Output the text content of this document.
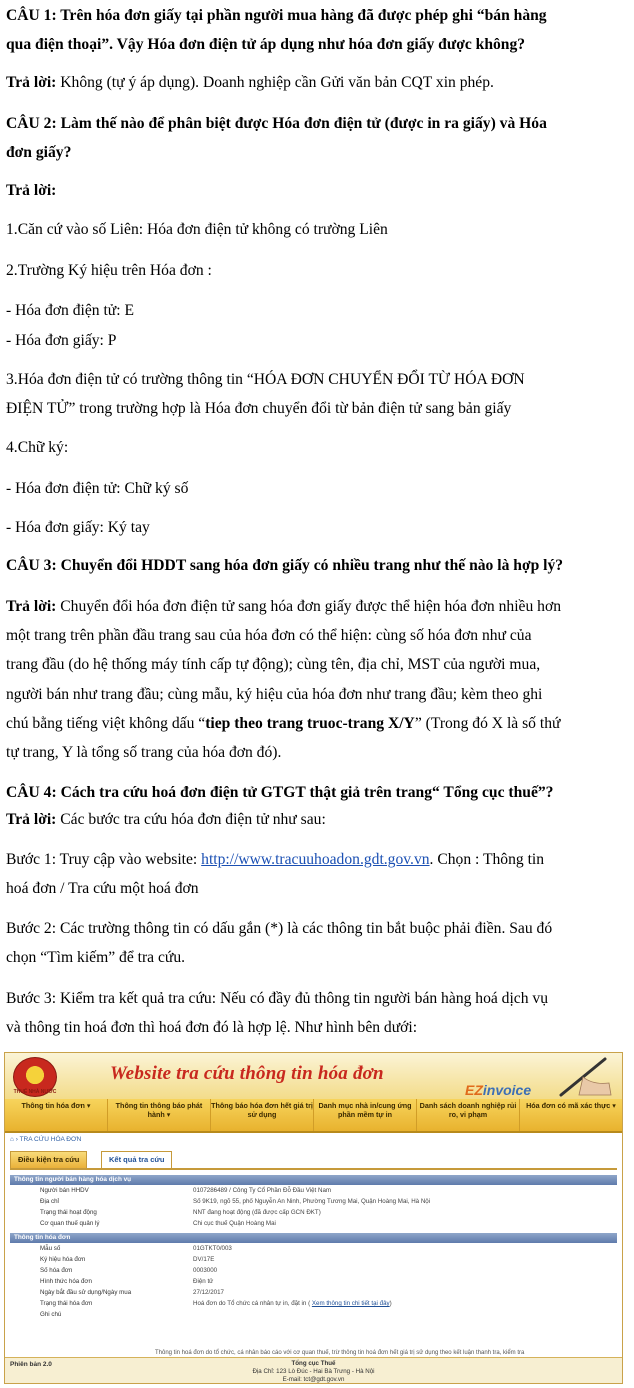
CÂU 1: Trên hóa đơn giấy tại phần người mua hàng đã được phép ghi “bán hàng
qua điện thoại”. Vậy Hóa đơn điện tử áp dụng như hóa đơn giấy được không?
Trả lời: Không (tự ý áp dụng). Doanh nghiệp cần Gửi văn bản CQT xin phép.
CÂU 2: Làm thế nào để phân biệt được Hóa đơn điện tử (được in ra giấy) và Hóa
đơn giấy?
Trả lời:
1.Căn cứ vào số Liên: Hóa đơn điện tử không có trường Liên
2.Trường Ký hiệu trên Hóa đơn :
- Hóa đơn điện tử: E
- Hóa đơn giấy: P
3.Hóa đơn điện tử có trường thông tin “HÓA ĐƠN CHUYỂN ĐỔI TỪ HÓA ĐƠN
ĐIỆN TỬ” trong trường hợp là Hóa đơn chuyển đổi từ bản điện tử sang bản giấy
4.Chữ ký:
- Hóa đơn điện tử: Chữ ký số
- Hóa đơn giấy: Ký tay
CÂU 3: Chuyển đổi HDDT sang hóa đơn giấy có nhiều trang như thế nào là hợp lý?
Trả lời: Chuyển đổi hóa đơn điện tử sang hóa đơn giấy được thể hiện hóa đơn nhiều hơn
một trang trên phần đầu trang sau của hóa đơn có thể hiện: cùng số hóa đơn như của
trang đầu (do hệ thống máy tính cấp tự động); cùng tên, địa chỉ, MST của người mua,
người bán như trang đầu; cùng mẫu, ký hiệu của hóa đơn như trang đầu; kèm theo ghi
chú bằng tiếng việt không dấu “tiep theo trang truoc-trang X/Y” (Trong đó X là số thứ
tự trang, Y là tổng số trang của hóa đơn đó).
CÂU 4: Cách tra cứu hoá đơn điện tử GTGT thật giả trên trang“ Tổng cục thuế”?
Trả lời: Các bước tra cứu hóa đơn điện tử như sau:
Bước 1: Truy cập vào website: http://www.tracuuhoadon.gdt.gov.vn. Chọn : Thông tin
hoá đơn / Tra cứu một hoá đơn
Bước 2: Các trường thông tin có dấu gắn (*) là các thông tin bắt buộc phải điền. Sau đó
chọn “Tìm kiếm” để tra cứu.
Bước 3: Kiểm tra kết quả tra cứu: Nếu có đầy đủ thông tin người bán hàng hoá dịch vụ
và thông tin hoá đơn thì hoá đơn đó là hợp lệ. Như hình bên dưới:
THUẾ NHÀ NƯỚC
Website tra cứu thông tin hóa đơn
EZinvoice
Thông tin hóa đơn ▾	Thông tin thông báo phát hành ▾
Thông báo hóa đơn hết giá trị sử dụng
Danh mục nhà in/cung ứng phần mềm tự in
Danh sách doanh nghiệp rủi ro, vi phạm
Hóa đơn có mã xác thực ▾
⌂ › TRA CỨU HÓA ĐƠN
Điều kiện tra cứu	Kết quả tra cứu
Thông tin người bán hàng hóa dịch vụ
Người bán HHDV	0107286489 / Công Ty Cổ Phần Đỗ Đầu Việt Nam
Địa chỉ	Số 9K19, ngõ 55, phố Nguyễn An Ninh, Phường Tương Mai, Quận Hoàng Mai, Hà Nội
Trạng thái hoạt động	NNT đang hoạt động (đã được cấp GCN ĐKT)
Cơ quan thuế quản lý	Chi cục thuế Quận Hoàng Mai
Thông tin hóa đơn
Mẫu số	01GTKT0/003
Ký hiệu hóa đơn	DV/17E
Số hóa đơn	0003000
Hình thức hóa đơn	Điện tử
Ngày bắt đầu sử dụng/Ngày mua	27/12/2017
Trạng thái hóa đơn	Hoá đơn do Tổ chức cá nhân tự in, đặt in ( Xem thông tin chi tiết tại đây)
Ghi chú
Thông tin hoá đơn do tổ chức, cá nhân báo cáo với cơ quan thuế, trừ thông tin hoá đơn hết giá trị sử dụng theo kết luận thanh tra, kiểm tra
Phiên bản 2.0	Tổng cục Thuế
Địa Chỉ: 123 Lò Đúc - Hai Bà Trưng - Hà Nội
E-mail: tct@gdt.gov.vn
